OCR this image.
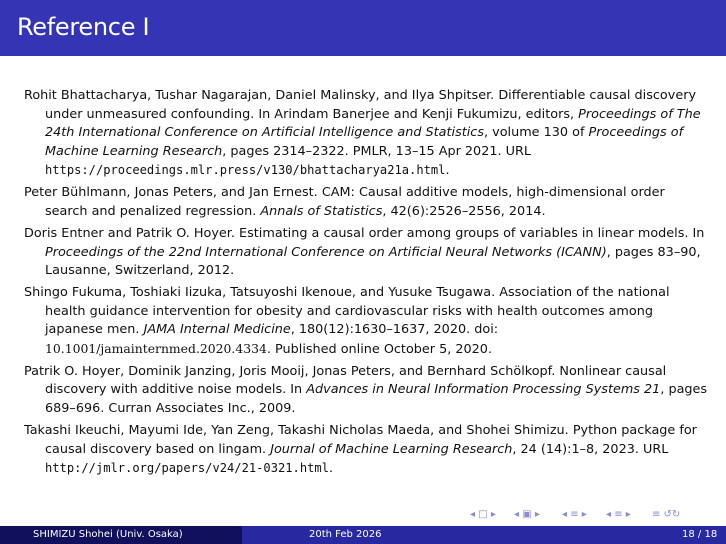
Reference I
Rohit Bhattacharya, Tushar Nagarajan, Daniel Malinsky, and Ilya Shpitser. Differentiable causal discovery under unmeasured confounding. In Arindam Banerjee and Kenji Fukumizu, editors, Proceedings of The 24th International Conference on Artificial Intelligence and Statistics, volume 130 of Proceedings of Machine Learning Research, pages 2314–2322. PMLR, 13–15 Apr 2021. URL https://proceedings.mlr.press/v130/bhattacharya21a.html.
Peter Bühlmann, Jonas Peters, and Jan Ernest. CAM: Causal additive models, high-dimensional order search and penalized regression. Annals of Statistics, 42(6):2526–2556, 2014.
Doris Entner and Patrik O. Hoyer. Estimating a causal order among groups of variables in linear models. In Proceedings of the 22nd International Conference on Artificial Neural Networks (ICANN), pages 83–90, Lausanne, Switzerland, 2012.
Shingo Fukuma, Toshiaki Iizuka, Tatsuyoshi Ikenoue, and Yusuke Tsugawa. Association of the national health guidance intervention for obesity and cardiovascular risks with health outcomes among japanese men. JAMA Internal Medicine, 180(12):1630–1637, 2020. doi: 10.1001/jamainternmed.2020.4334. Published online October 5, 2020.
Patrik O. Hoyer, Dominik Janzing, Joris Mooij, Jonas Peters, and Bernhard Schölkopf. Nonlinear causal discovery with additive noise models. In Advances in Neural Information Processing Systems 21, pages 689–696. Curran Associates Inc., 2009.
Takashi Ikeuchi, Mayumi Ide, Yan Zeng, Takashi Nicholas Maeda, and Shohei Shimizu. Python package for causal discovery based on lingam. Journal of Machine Learning Research, 24 (14):1–8, 2023. URL http://jmlr.org/papers/v24/21-0321.html.
◂ □ ▸ ◂ ▣ ▸ ◂ ≡ ▸ ◂ ≡ ▸ ≡ ↺↻
SHIMIZU Shohei (Univ. Osaka)	20th Feb 2026	18 / 18
